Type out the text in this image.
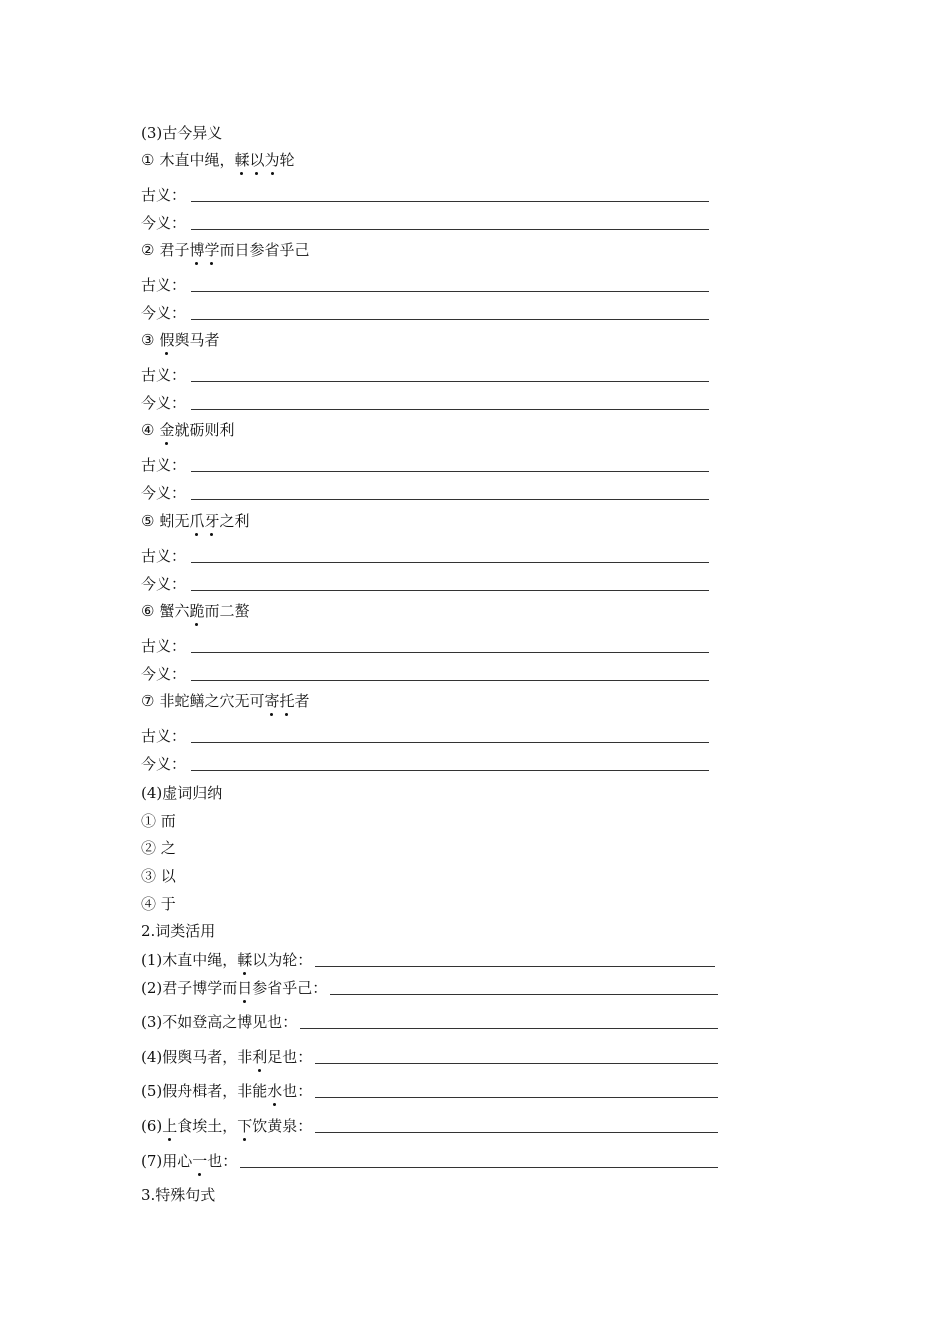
(3)古今异义
① 木直中绳，輮以为轮
古义：
今义：
② 君子博学而日参省乎己
古义：
今义：
③ 假舆马者
古义：
今义：
④ 金就砺则利
古义：
今义：
⑤ 蚓无爪牙之利
古义：
今义：
⑥ 蟹六跪而二螯
古义：
今义：
⑦ 非蛇鳝之穴无可寄托者
古义：
今义：
(4)虚词归纳
① 而
② 之
③ 以
④ 于
2.词类活用
(1)木直中绳，輮以为轮：
(2)君子博学而日参省乎己：
(3)不如登高之博见也：
(4)假舆马者，非利足也：
(5)假舟楫者，非能水也：
(6)上食埃土，下饮黄泉：
(7)用心一也：
3.特殊句式
